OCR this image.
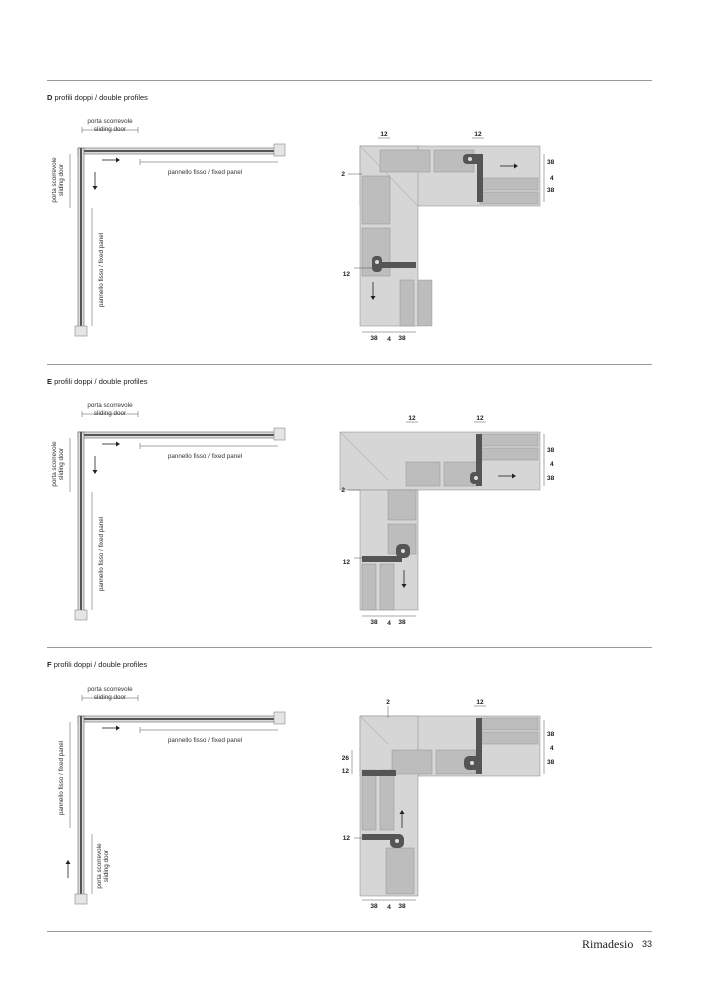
D profili doppi / double profiles
porta scorrevole
sliding door
pannello fisso / fixed panel
porta scorrevole sliding door
pannello fisso / fixed panel
12	12
2
12
38
4
38
38 4 38
E profili doppi / double profiles
porta scorrevole
sliding door
pannello fisso / fixed panel
porta scorrevole sliding door
pannello fisso / fixed panel
12	12
2
12
38
4
38
38 4 38
F profili doppi / double profiles
porta scorrevole
sliding door
pannello fisso / fixed panel
pannello fisso / fixed panel
porta scorrevole sliding door
2	12
26
12
12
38
4
38
38 4 38
Rimadesio 33
